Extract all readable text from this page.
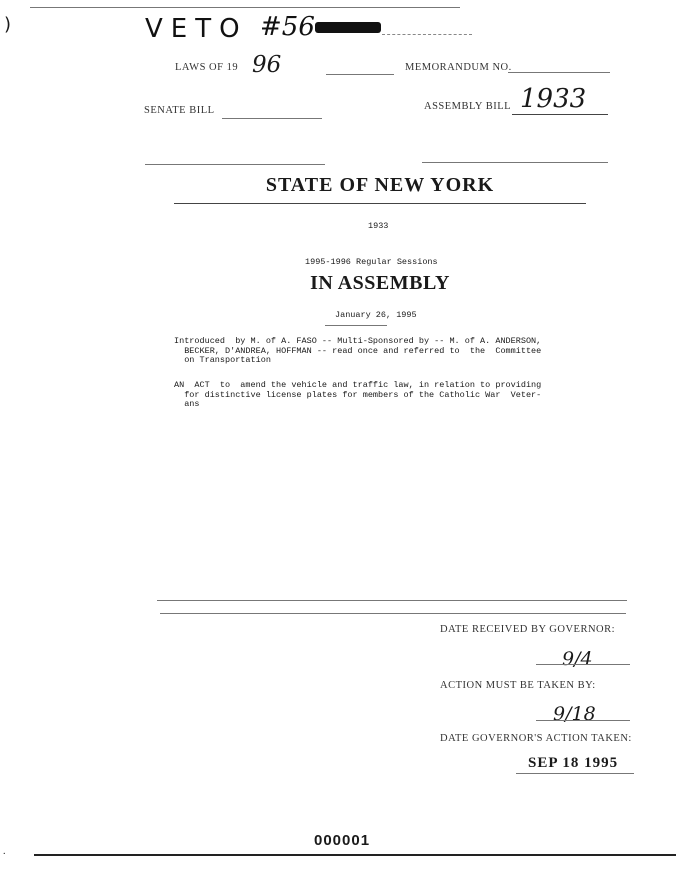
)	VETO #56
LAWS OF 19 96	MEMORANDUM NO.
SENATE BILL	ASSEMBLY BILL 1933
STATE OF NEW YORK
1933
1995-1996 Regular Sessions
IN ASSEMBLY
January 26, 1995
Introduced  by M. of A. FASO -- Multi-Sponsored by -- M. of A. ANDERSON,
BECKER, D'ANDREA, HOFFMAN -- read once and referred to  the  Committee
on Transportation
AN  ACT  to  amend the vehicle and traffic law, in relation to providing
for distinctive license plates for members of the Catholic War  Veter-
ans
DATE RECEIVED BY GOVERNOR:
9/4
ACTION MUST BE TAKEN BY:
9/18
DATE GOVERNOR'S ACTION TAKEN:
SEP 18 1995
000001
.
